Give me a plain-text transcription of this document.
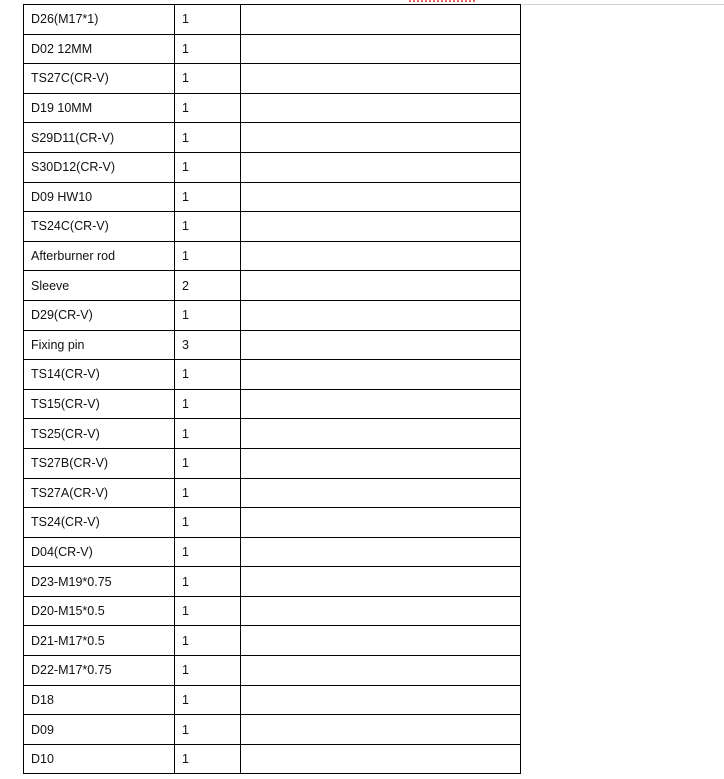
D26(M17*1)	1	
D02 12MM	1	
TS27C(CR-V)	1	
D19 10MM	1	
S29D11(CR-V)	1	
S30D12(CR-V)	1	
D09 HW10	1	
TS24C(CR-V)	1	
Afterburner rod	1	
Sleeve	2	
D29(CR-V)	1	
Fixing pin	3	
TS14(CR-V)	1	
TS15(CR-V)	1	
TS25(CR-V)	1	
TS27B(CR-V)	1	
TS27A(CR-V)	1	
TS24(CR-V)	1	
D04(CR-V)	1	
D23-M19*0.75	1	
D20-M15*0.5	1	
D21-M17*0.5	1	
D22-M17*0.75	1	
D18	1	
D09	1	
D10	1	
